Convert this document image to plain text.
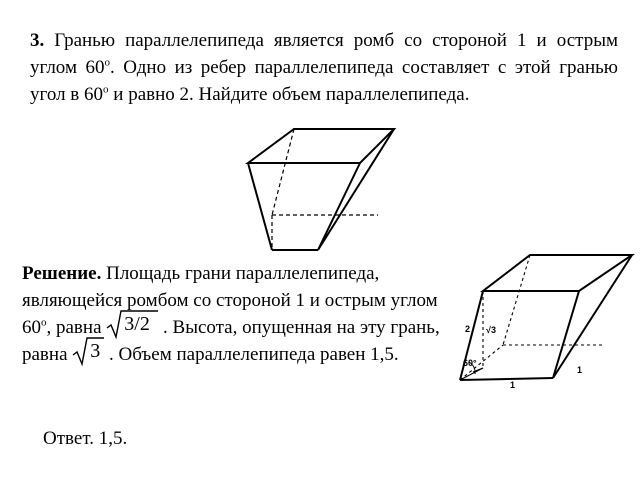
3. Гранью параллелепипеда является ромб со стороной 1 и острым углом $60^о$. Одно из ребер параллелепипеда составляет с этой гранью угол в $60^о$ и равно 2. Найдите объем параллелепипеда.

Решение. Площадь грани параллелепипеда, являющейся ромбом со стороной 1 и острым углом $60^о$, равна 3/2 . Высота, опущенная на эту грань, равна 3 . Объем параллелепипеда равен 1,5.

2 √3
60°
1
1

Ответ. 1,5.
